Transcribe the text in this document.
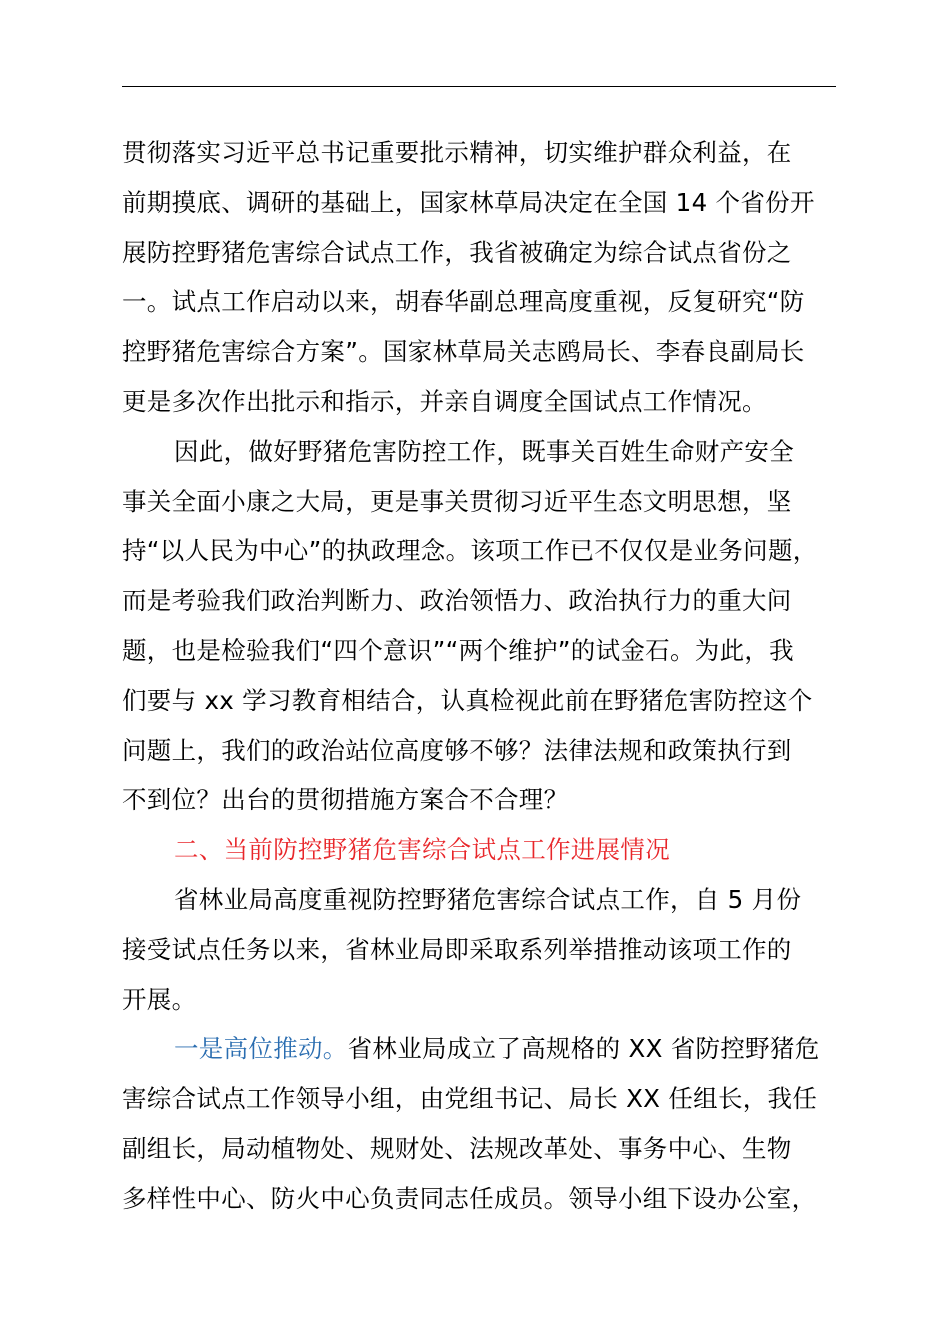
贯彻落实习近平总书记重要批示精神，切实维护群众利益，在
前期摸底、调研的基础上，国家林草局决定在全国 14 个省份开
展防控野猪危害综合试点工作，我省被确定为综合试点省份之
一。试点工作启动以来，胡春华副总理高度重视，反复研究“防
控野猪危害综合方案”。国家林草局关志鸥局长、李春良副局长
更是多次作出批示和指示，并亲自调度全国试点工作情况。
因此，做好野猪危害防控工作，既事关百姓生命财产安全
事关全面小康之大局，更是事关贯彻习近平生态文明思想，坚
持“以人民为中心”的执政理念。该项工作已不仅仅是业务问题，
而是考验我们政治判断力、政治领悟力、政治执行力的重大问
题，也是检验我们“四个意识”“两个维护”的试金石。为此，我
们要与 xx 学习教育相结合，认真检视此前在野猪危害防控这个
问题上，我们的政治站位高度够不够？法律法规和政策执行到
不到位？出台的贯彻措施方案合不合理？
二、当前防控野猪危害综合试点工作进展情况
省林业局高度重视防控野猪危害综合试点工作，自 5 月份
接受试点任务以来，省林业局即采取系列举措推动该项工作的
开展。
一是高位推动。省林业局成立了高规格的 XX 省防控野猪危
害综合试点工作领导小组，由党组书记、局长 XX 任组长，我任
副组长，局动植物处、规财处、法规改革处、事务中心、生物
多样性中心、防火中心负责同志任成员。领导小组下设办公室，
